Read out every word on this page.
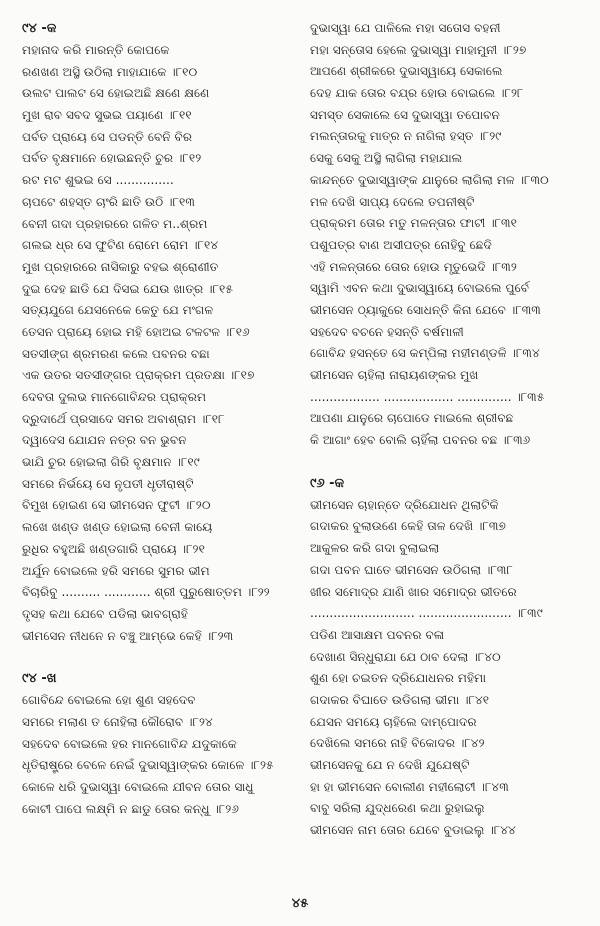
୯୪ -କ
ମହାନାଦ କରି ମାରନ୍ତି କୋପକେ
ରଣଖଣ ଅସ୍ଥି ଉଠିଲା ମାହାଯାକେ ।୮୧୦
ଉଲଟ ପାଲଟ ସେ ହୋଇଅଛି କ୍ଷଣେ କ୍ଷଣେ
ମୁଖ ରାବ ସବଦ ସୁଭଇ ପୟାଣେ ।୮୧୧
ପର୍ବତ ପ୍ରାୟେ ସେ ପଡନ୍ତି ବେନି ବିର
ପର୍ବତ ବୃକ୍ଷମାନେ ହୋଇଛନ୍ତି ଚୁର ।୮୧୨
ରଟ ମଟ ଶୁଭଇ ସେ ...............
ଚାପଟେ ଶହସ୍ତ ଚାଂରି ଛାତି ଉଠି ।୮୧୩
ବେନୀ ଗଦା ପ୍ରହାରରେ ଗଳିତ ମ..ଶ୍ରମ
ଗଲଇ ଧ୍ର ସେ ଫୁଟିଣ ରୋମେ ରୋମ ।୮୧୪
ମୁଖ ପ୍ରହାରରେ ନାସିକାରୁ ବହଇ ଶ୍ରୋଣୀତ
ଦୁଇ ଦେହ ଛାଡି ଯେ ଦିସଇ ଯେଉ ଖାତ୍ର ।୮୧୫
ସତ୍ୟଯୁଗେ ଯେସନେକେ କେତୁ ଯେ ମଂଗଳ
ତେସନ ପ୍ରାୟେ ହୋଇ ମହି ହୋଅଇ ଟଳଟଳ ।୮୧୬
ସତସୀଙ୍ଗ ଶ୍ରମରଣ କଲେ ପବନର ବଛା
ଏକ ଉତର ସତସୀଙ୍ଗର ପ୍ରାକ୍ରମ ପ୍ରତକ୍ଷା ।୮୧୭
ଦେବତା ଦୁଲଭ ମାନଗୋବିନ୍ଦର ପ୍ରାକ୍ରମ
ଦ୍ରୁଦାର୍ଥେ ପ୍ରସାଦେ ସମର ଅବାଶ୍ରାମ ।୮୧୮
ଦ୍ୱାଦେସ ଯୋଯନ ନତ୍ର ବନ ଭୁବନ
ଭାଯି ଚୁର ହୋଇଲା ଗିରି ବୃକ୍ଷମାନ ।୮୧୯
ସମରେ ନିର୍ଭୟେ ସେ ନୃପତୀ ଧୃତୀରାଷ୍ଟି
ବିମୁଖ ହୋଇଣ ସେ ଭୀମସେନ ଫୁଟୀ ।୮୨୦
ଲଖେ ଖଣ୍ଡ ଖଣ୍ଡ ହୋଇଲା ବେନୀ କାୟେ
ରୁଧିର ବହୁଅଛି ଖଣ୍ଡଗାରି ପ୍ରାୟେ ।୮୨୧
ଅର୍ଯୁନ ବୋଇଲେ ହରି ସମରେ ସୁମର ଭୀମ
ବିଚାରିବୁ .......... ............ ଶ୍ରୀ ପୁରୁଷୋତ୍ତମ ।୮୨୨
ଦୃସହ କଥା ଯେବେ ପଡିଲା ଭାବଗ୍ରାହି
ଭୀମସେନ ନୀଧନେ ନ ବଞ୍ଚୁ ଆମ୍ଭେ କେହି ।୮୨୩
୯୪ -ଖ
ଗୋବିନ୍ଦେ ବୋଇଲେ ହୋ ଶୁଣ ସହଦେବ
ସମରେ ମଲାଣ ତ ନୋହିଲା କୌରୋବ ।୮୨୪
ସହଦେବ ବୋଇଲେ ହର ମାନଗୋବିନ୍ଦ ଯଦୁକାକେ
ଧୃତିରାଷ୍ଟ୍ରେ ବେଳେ ନେଇଁ ଦୁଭାସ୍ୱାଙ୍କର କୋଳେ ।୮୨୫
କୋଳେ ଧରି ଦୁଭାସ୍ୱା ବୋଇଲେ ଯୀବନ ତୋର ସାଧୁ
କୋଟୀ ପାପେ ଲକ୍ଷ୍ମି ନ ଛାଡୁ ତୋର କନ୍ଧୁ ।୮୨୬
ଦୁଭାସ୍ୱା ଯେ ପାଳିଲେ ମହା ସତୋସ ବହନୀ
ମହା ସନ୍ତୋସ ହେଲେ ଦୁଭାସ୍ୱା ମାହାମୁନୀ ।୮୨୭
ଆପଣେ ଶ୍ରୀକରେ ଦୁଭାସ୍ୱାୟେ ସେକାଲେ
ଦେହ ଯାକ ତୋର ବଯ୍ର ହୋଉ ବୋଇଲେ ।୮୨୮
ସମସ୍ତ ସେକାଲେ ସେ ଦୁଭାସ୍ୱା ତପୋବନ
ମଲନ୍ତାରକୁ ମାତ୍ର ନ ନାଗିଲା ହସ୍ତ ।୮୨୯
ସେକୁ ସେକୁ ଅସ୍ଥି ଲାଗିଲା ମହାଯାଲ
କାନ୍ଦନ୍ତେ ଦୁଭାସ୍ୱାଙ୍କ ଯାନୁରେ ଲାଗିଲା ମଳ ।୮୩୦
ମଳ ଦେଖି ସାପ୍ୟ ଦେଲେ ତପନୀଷ୍ଟି
ପ୍ରାକ୍ରମ ତୋର ମତୁ ମଳନ୍ତାର ଫାଟୀ ।୮୩୧
ପଶୁପତ୍ର ବାଣ ଅସୀପତ୍ର ନୋହିବୁ ଛେଦି
ଏହି ମଳନ୍ତାରେ ତୋର ହୋଉ ମୃତୁଭେଦି ।୮୩୨
ସ୍ୱାମି ଏବନ କଥା ଦୁଭାସ୍ୱାୟେ ବୋଇଲେ ପୁର୍ବେ
ଭୀମସେନ ଠ୍ୟାକୁରେ ସୋଧନ୍ତି କିନା ଯେବେ ।୮୩୩
ସହଦେବ ବଚନେ ହସନ୍ତି ବର୍ଷମାଳୀ
ଗୋବିନ୍ଦ ହସନ୍ତେ ସେ କମ୍ପିଲା ମହୀମଣ୍ଡଳି ।୮୩୪
ଭୀମସେନ ଚାହିଲା ନାରାୟଣଙ୍କର ମୁଖ
.................. .................. .............. ।୮୩୫
ଆପଣା ଯାନୁରେ ଚାପୋଡେ ମାଇଲେ ଶ୍ରୀବଛ
କି ଆଗାଂ ହେବ ବୋଲି ଚାହିଁଲା ପବନର ବଛ ।୮୩୬
୯୬ -କ
ଭୀମସେନ ଚାହାନ୍ତେ ଦ୍ରିଯୋଧନ ଥିଲାଟିକି
ଗଦାକର ବୁଲାଉଣେ କେହି ତାଳ ଦେଖି ।୮୩୭
ଆକୁଳର କରି ଗଦା ବୁଲାଇଲା
ଗଦା ପବନ ଘାତେ ଭୀମସେନ ଉଠିଗଲା ।୮୩୮
ଖୀର ସମୋଦ୍ର ଯାଣି ଖାର ସମୋଦ୍ର ଭୀତରେ
........................... ........................ ।୮୩୯
ପଡିଣ ଆସାକ୍ଷମ ପବନର ବଳା
ଦେଖାଣ ସିନ୍ଧୁରାଯା ଯେ ଠାବ ଦେଲା ।୮୪୦
ଶୁଣ ହୋ ଚଇତନ ଦ୍ରିଯୋଧନର ମହିମା
ଗଦାକର ବିଘାତେ ଉଡିଗଲା ଭୀମା ।୮୪୧
ଯେସନ ସମୟେ ଚାହିଲେ ଦାମ୍ପୋଦର
ଦେଖିଲେ ସମରେ ନାହି ବିକୋଦର ।୮୪୨
ଭୀମସେନକୁ ଯେ ନ ଦେଖି ଯୁଯେଷ୍ଟି
ହା ହା ଭୀମସେନ ବୋଲୀଣ ମହୀଲୋଟୀ ।୮୪୩
ବାବୁ ସରିଲା ଯୁଦ୍ଧରେଣ କଥା ରୁହାଇଲୁ
ଭୀମସେନ ନାମ ତୋର ଯେବେ ବୁଡାଇଲୁ ।୮୪୪
୪୫
